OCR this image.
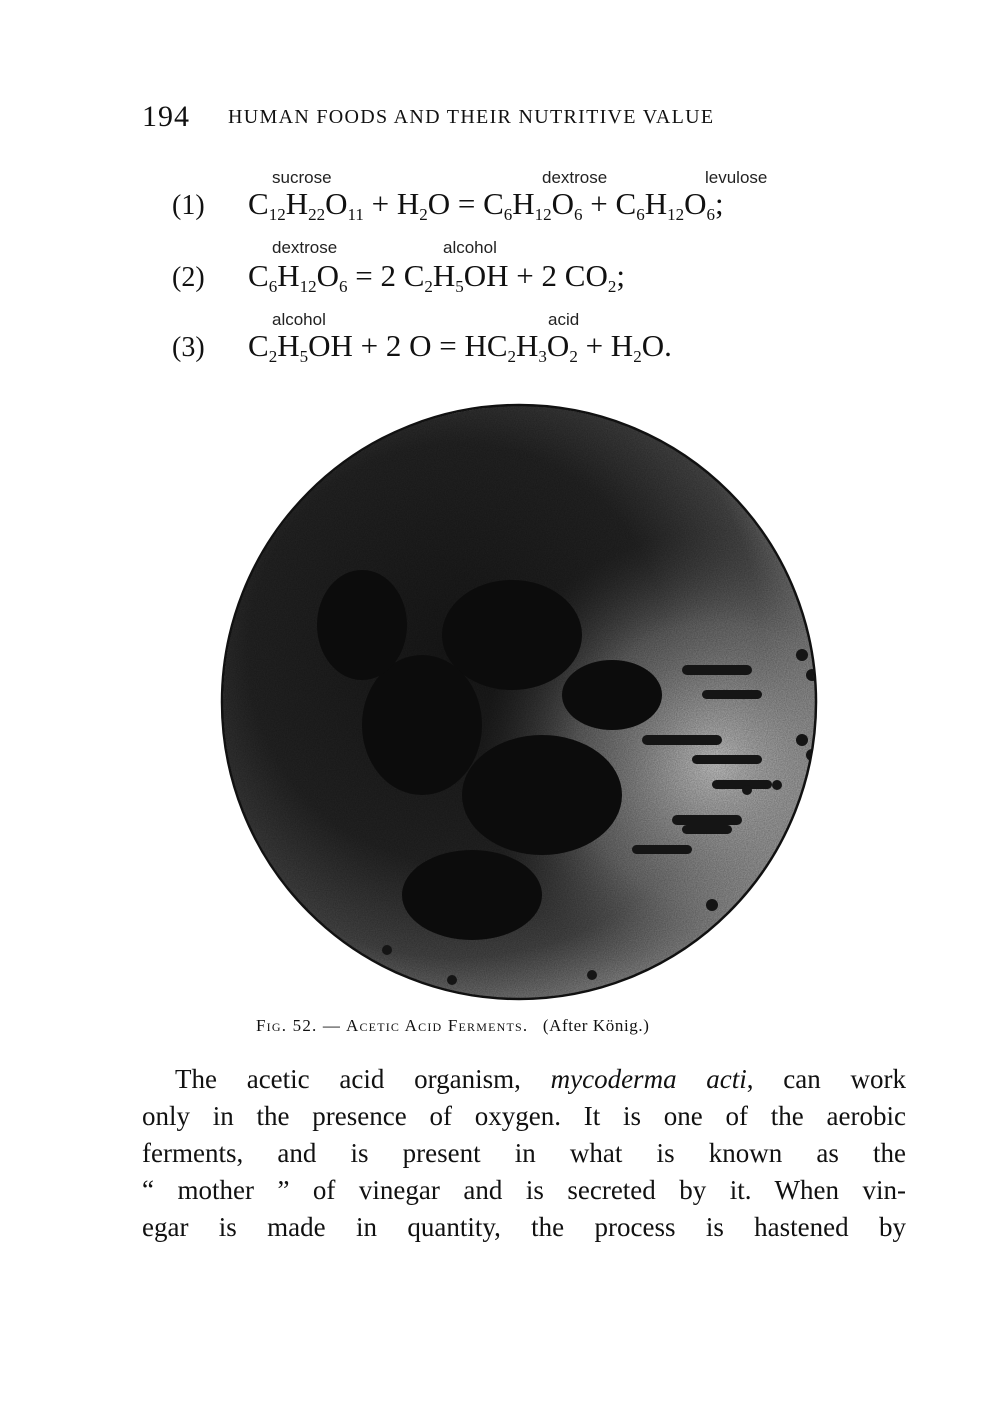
194 HUMAN FOODS AND THEIR NUTRITIVE VALUE
sucrose	dextrose	levulose
(1) $C_{12}H_{22}O_{11} + H_2O = C_6H_{12}O_6 + C_6H_{12}O_6$;
dextrose	alcohol
(2) $C_6H_{12}O_6 = 2$ $C_2H_5OH + 2$ $CO_2$;
alcohol	acid
(3) $C_2H_5OH + 2$ $O = HC_2H_3O_2 + H_2O$.
Fig. 52. — Acetic Acid Ferments. (After König.)
The acetic acid organism, mycoderma acti, can work
only in the presence of oxygen. It is one of the aerobic
ferments, and is present in what is known as the
“ mother ” of vinegar and is secreted by it. When vin-
egar is made in quantity, the process is hastened by
